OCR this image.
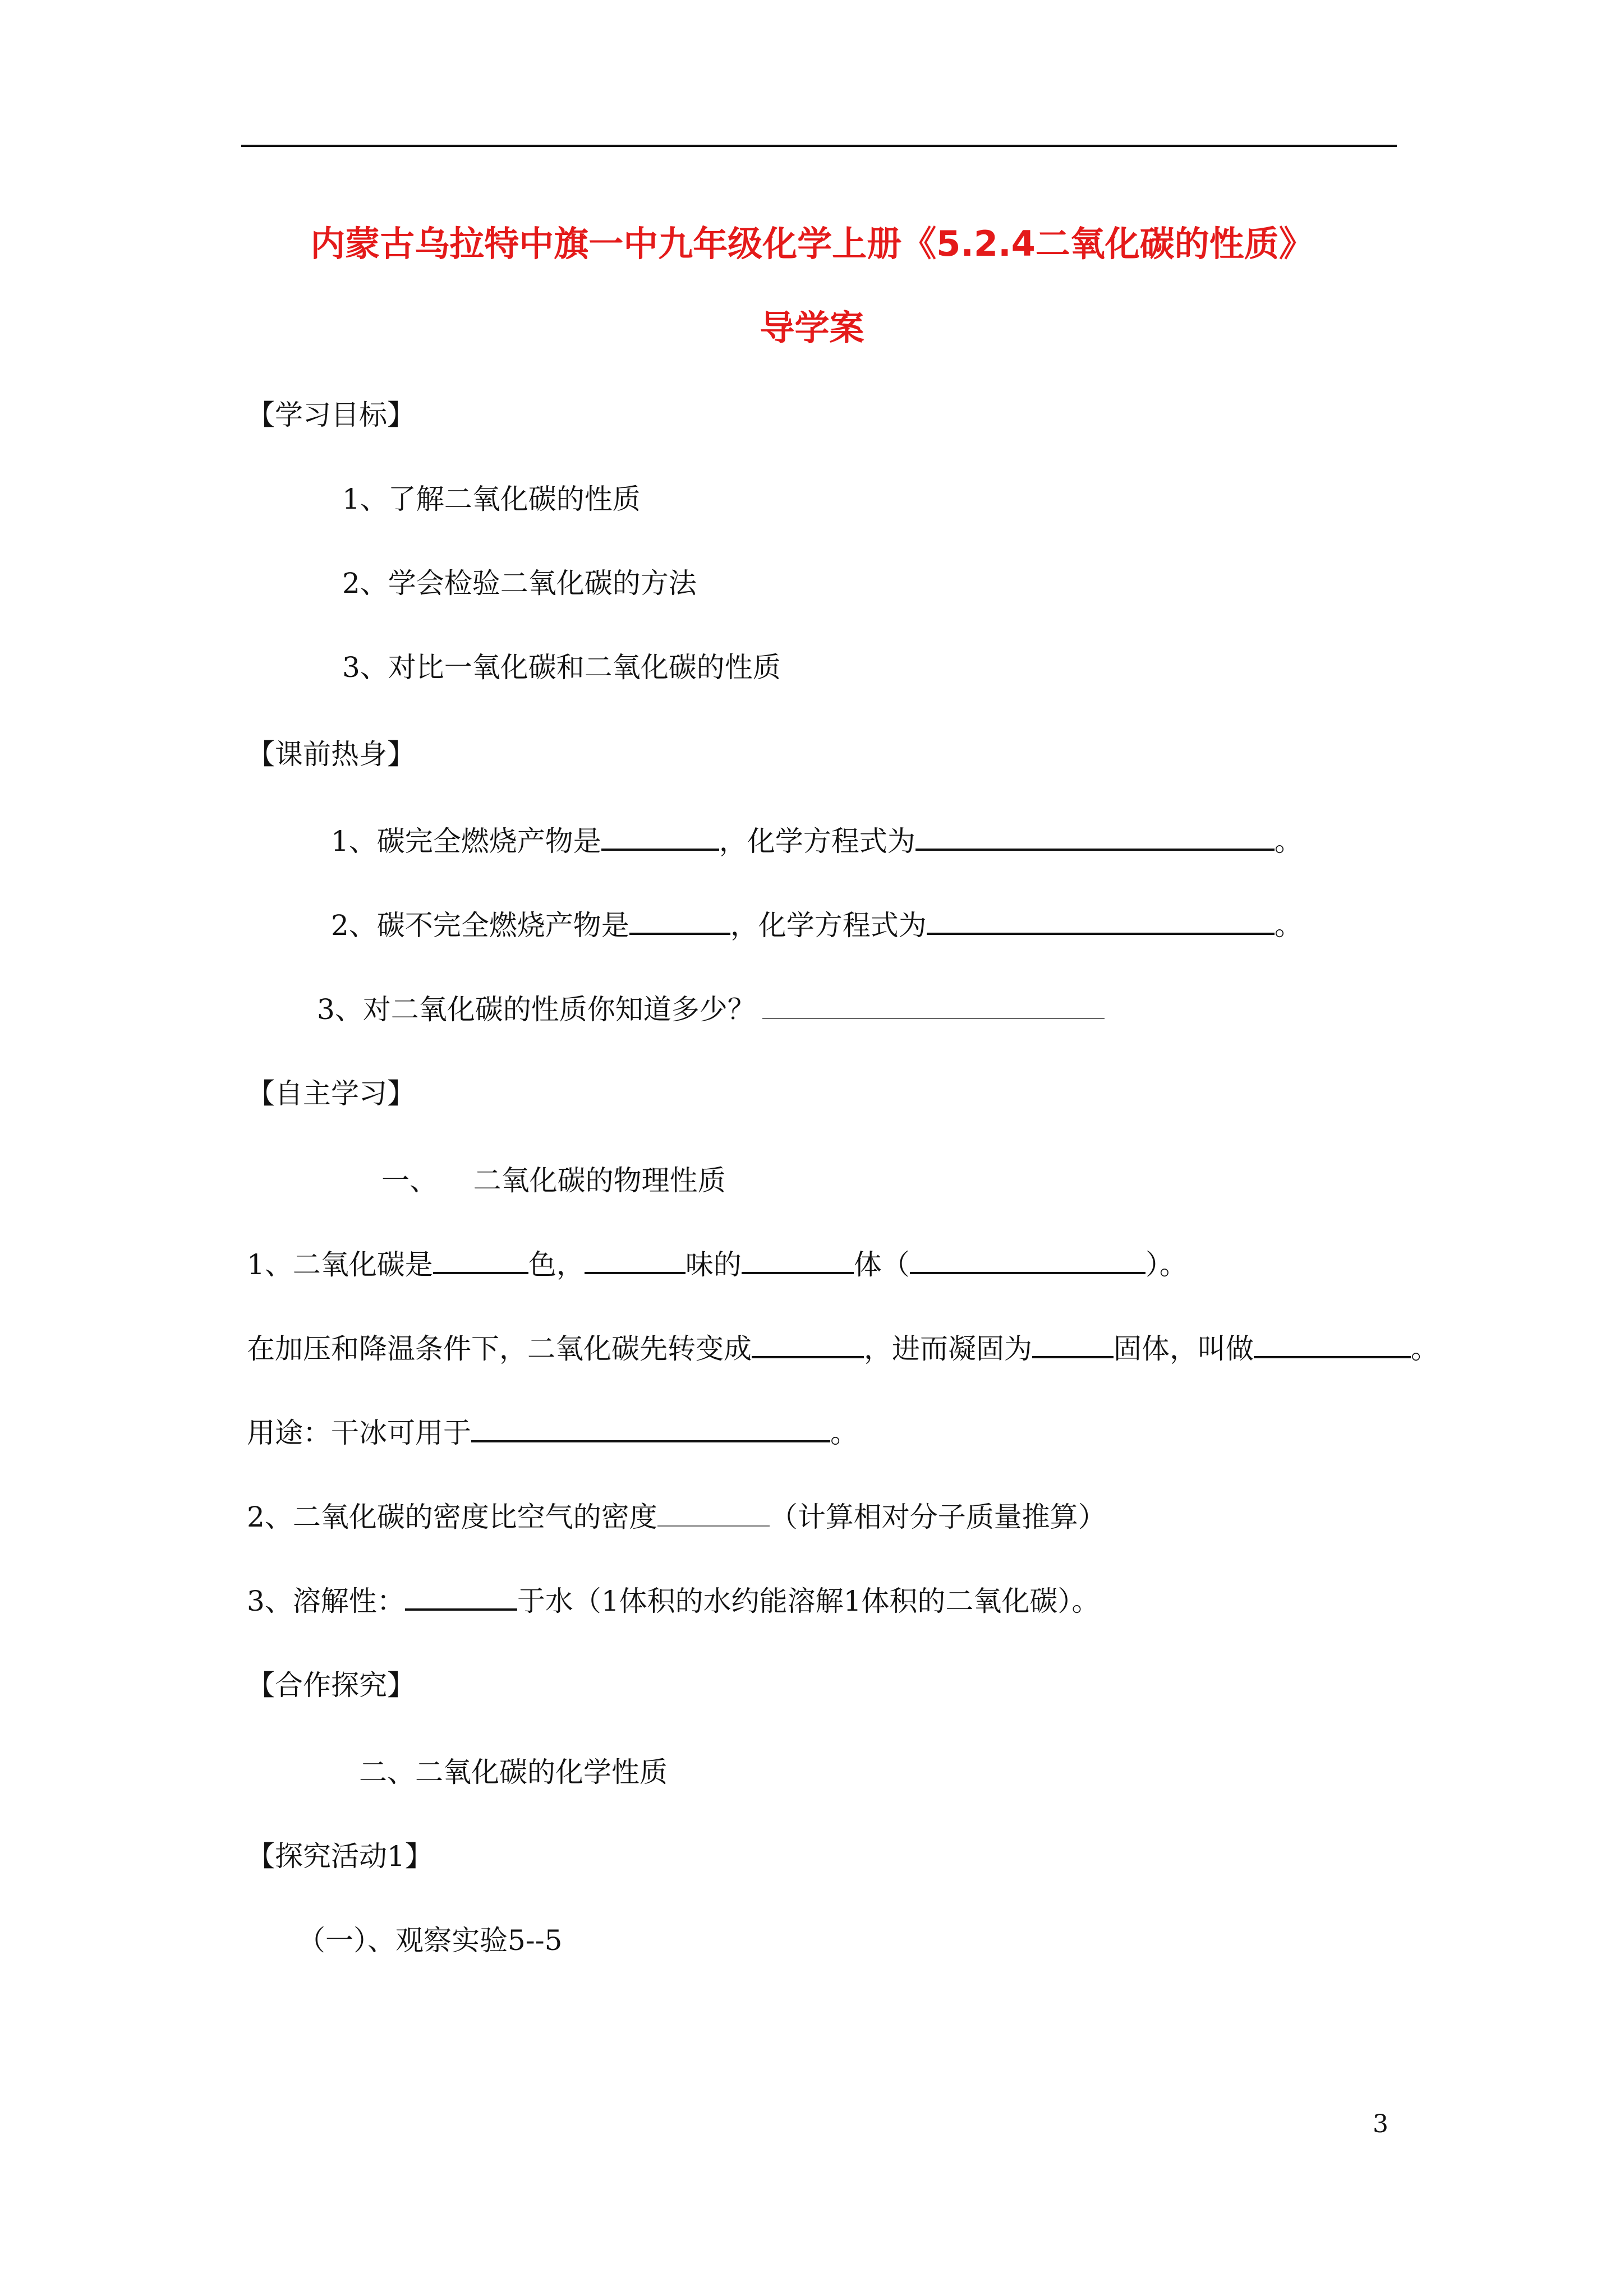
内蒙古乌拉特中旗一中九年级化学上册《5.2.4二氧化碳的性质》
导学案
【学习目标】
1、了解二氧化碳的性质
2、学会检验二氧化碳的方法
3、对比一氧化碳和二氧化碳的性质
【课前热身】
1、碳完全燃烧产物是	，化学方程式为	。
2、碳不完全燃烧产物是	，化学方程式为	。
3、对二氧化碳的性质你知道多少？
【自主学习】
一、    二氧化碳的物理性质
1、二氧化碳是	色，	味的	体（	）。
在加压和降温条件下，二氧化碳先转变成	，进而凝固为	固体，叫做	。
用途：干冰可用于	。
2、二氧化碳的密度比空气的密度	（计算相对分子质量推算）
3、溶解性：	于水（1体积的水约能溶解1体积的二氧化碳）。
【合作探究】
二、二氧化碳的化学性质
【探究活动1】
（一）、观察实验5--5
3
